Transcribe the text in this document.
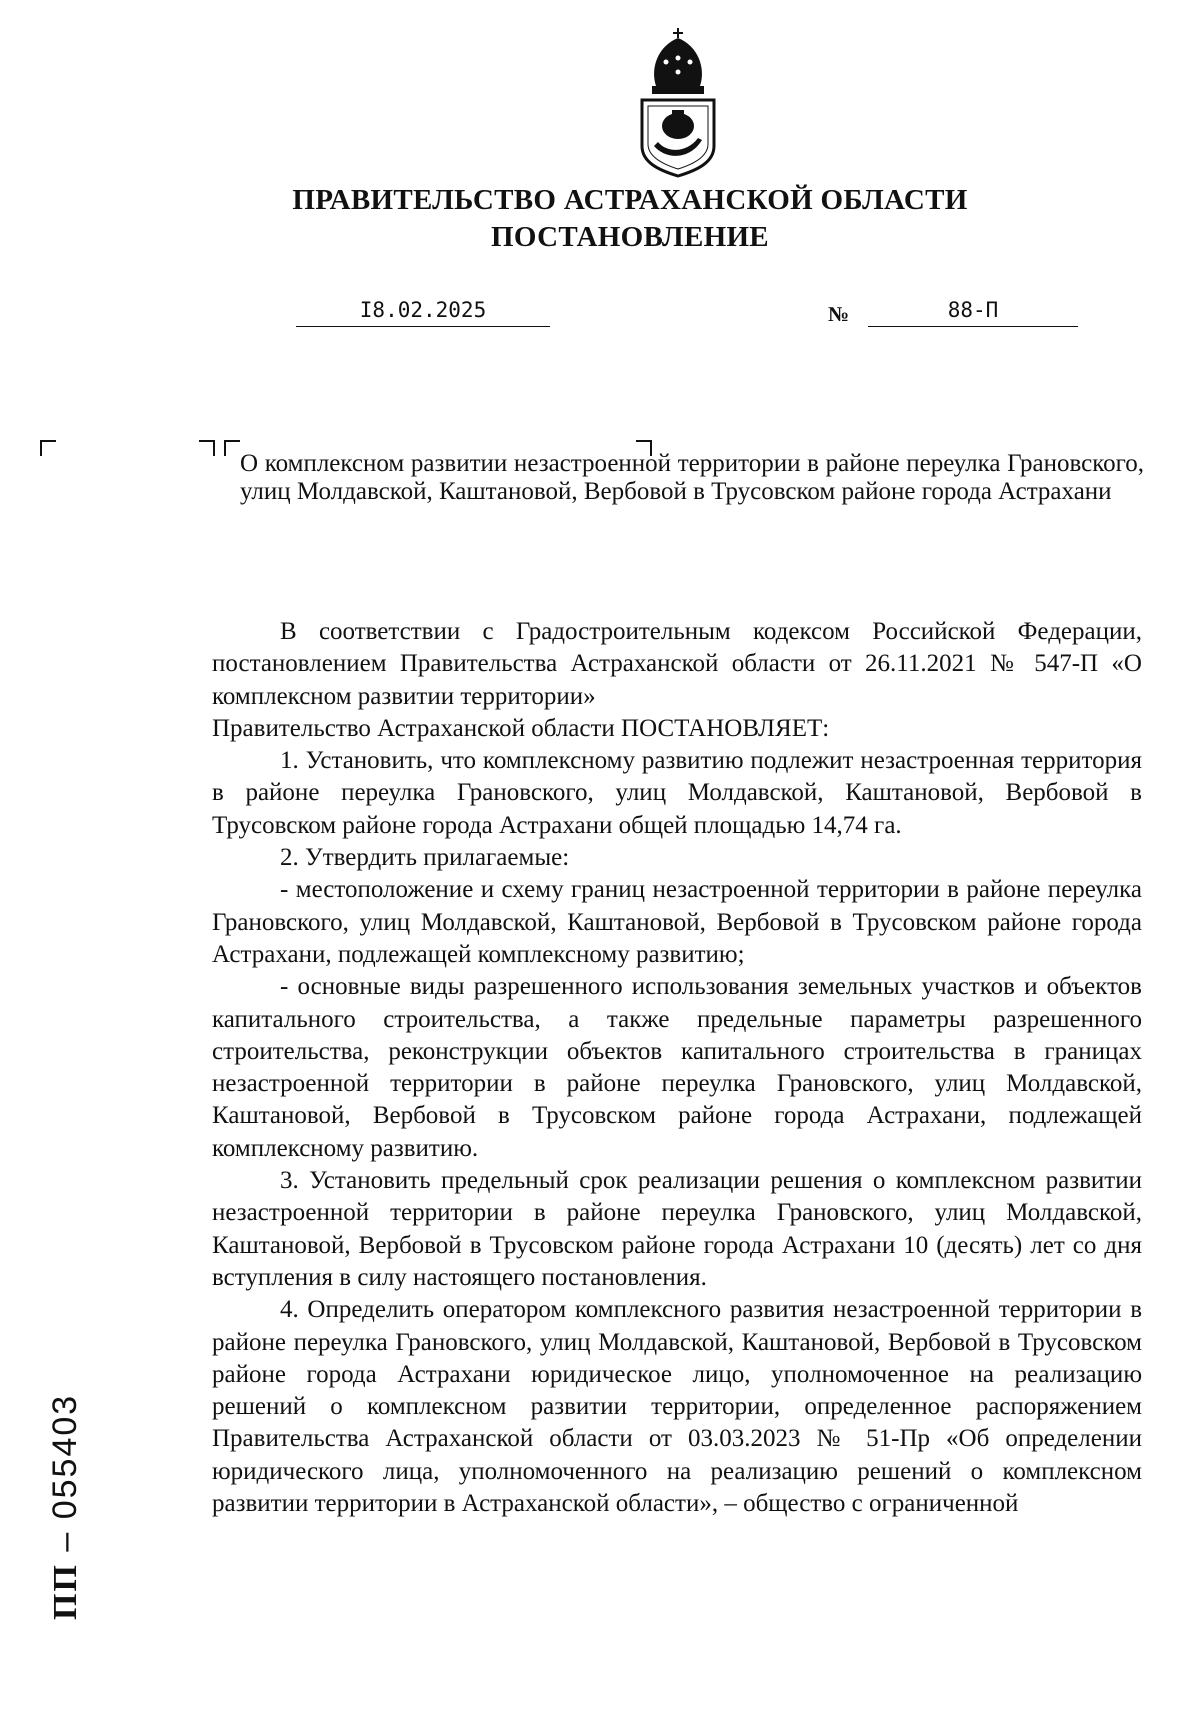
ПРАВИТЕЛЬСТВО АСТРАХАНСКОЙ ОБЛАСТИ
ПОСТАНОВЛЕНИЕ
I8.02.2025	№	88-П
О комплексном развитии незастроенной территории в районе переулка Грановского, улиц Молдавской, Каштановой, Вербовой в Трусовском районе города Астрахани

В соответствии с Градостроительным кодексом Российской Федерации, постановлением Правительства Астраханской области от 26.11.2021 № 547-П «О комплексном развитии территории»

Правительство Астраханской области ПОСТАНОВЛЯЕТ:

1. Установить, что комплексному развитию подлежит незастроенная территория в районе переулка Грановского, улиц Молдавской, Каштановой, Вербовой в Трусовском районе города Астрахани общей площадью 14,74 га.

2. Утвердить прилагаемые:

- местоположение и схему границ незастроенной территории в районе переулка Грановского, улиц Молдавской, Каштановой, Вербовой в Трусовском районе города Астрахани, подлежащей комплексному развитию;

- основные виды разрешенного использования земельных участков и объектов капитального строительства, а также предельные параметры разрешенного строительства, реконструкции объектов капитального строительства в границах незастроенной территории в районе переулка Грановского, улиц Молдавской, Каштановой, Вербовой в Трусовском районе города Астрахани, подлежащей комплексному развитию.

3. Установить предельный срок реализации решения о комплексном развитии незастроенной территории в районе переулка Грановского, улиц Молдавской, Каштановой, Вербовой в Трусовском районе города Астрахани 10 (десять) лет со дня вступления в силу настоящего постановления.

4. Определить оператором комплексного развития незастроенной территории в районе переулка Грановского, улиц Молдавской, Каштановой, Вербовой в Трусовском районе города Астрахани юридическое лицо, уполномоченное на реализацию решений о комплексном развитии территории, определенное распоряжением Правительства Астраханской области от 03.03.2023 № 51-Пр «Об определении юридического лица, уполномоченного на реализацию решений о комплексном развитии территории в Астраханской области», – общество с ограниченной

ПП – 055403
